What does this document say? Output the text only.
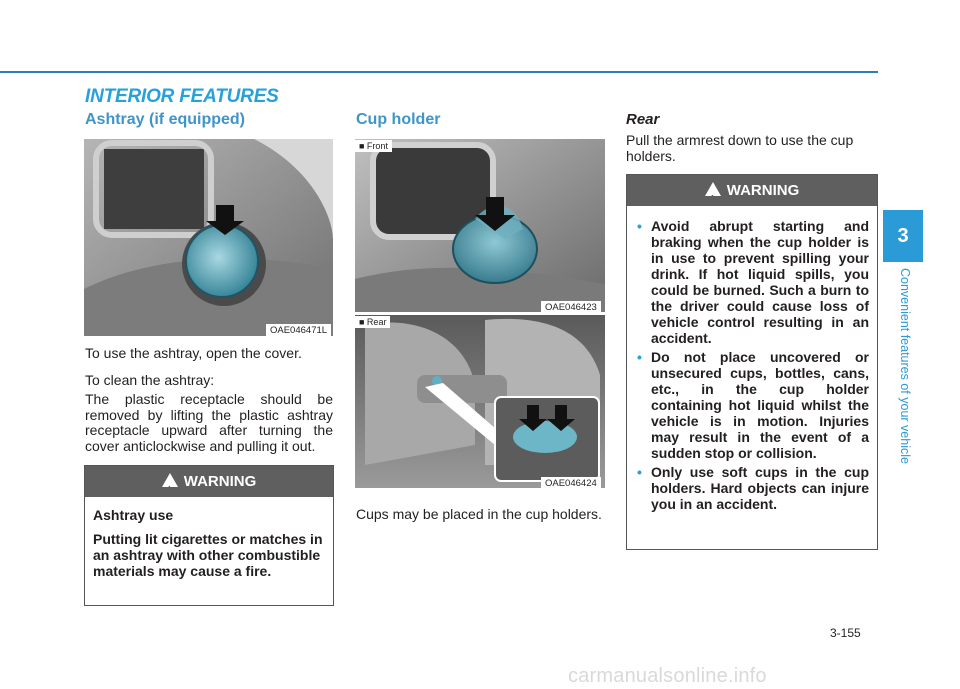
INTERIOR FEATURES
Ashtray (if equipped)
OAE046471L
To use the ashtray, open the cover.
To clean the ashtray:
The plastic receptacle should be removed by lifting the plastic ashtray receptacle upward after turning the cover anticlockwise and pulling it out.
!WARNING
Ashtray use
Putting lit cigarettes or matches in an ashtray with other combustible materials may cause a fire.
Cup holder
■ Front
OAE046423
■ Rear
OAE046424
Cups may be placed in the cup holders.
Rear
Pull the armrest down to use the cup holders.
!WARNING
• Avoid abrupt starting and braking when the cup holder is in use to prevent spilling your drink. If hot liquid spills, you could be burned. Such a burn to the driver could cause loss of vehicle control resulting in an accident.
• Do not place uncovered or unsecured cups, bottles, cans, etc., in the cup holder containing hot liquid whilst the vehicle is in motion. Injuries may result in the event of a sudden stop or collision.
• Only use soft cups in the cup holders. Hard objects can injure you in an accident.
3
Convenient features of your vehicle
3-155
carmanualsonline.info
